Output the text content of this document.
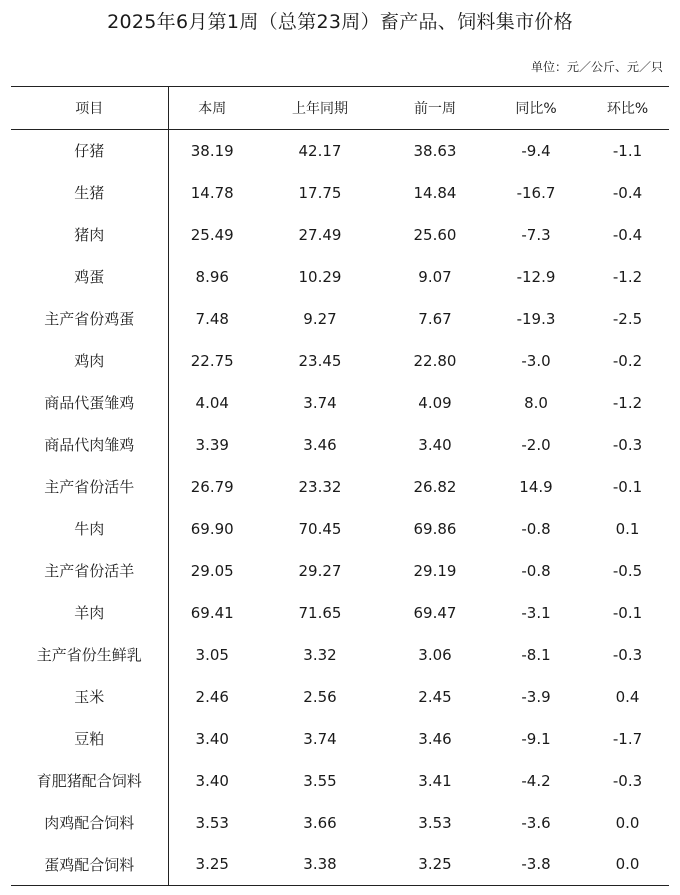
2025年6月第1周（总第23周）畜产品、饲料集市价格
单位：元／公斤、元／只
项目	本周	上年同期	前一周	同比%	环比%
仔猪	38.19	42.17	38.63	-9.4	-1.1
生猪	14.78	17.75	14.84	-16.7	-0.4
猪肉	25.49	27.49	25.60	-7.3	-0.4
鸡蛋	8.96	10.29	9.07	-12.9	-1.2
主产省份鸡蛋	7.48	9.27	7.67	-19.3	-2.5
鸡肉	22.75	23.45	22.80	-3.0	-0.2
商品代蛋雏鸡	4.04	3.74	4.09	8.0	-1.2
商品代肉雏鸡	3.39	3.46	3.40	-2.0	-0.3
主产省份活牛	26.79	23.32	26.82	14.9	-0.1
牛肉	69.90	70.45	69.86	-0.8	0.1
主产省份活羊	29.05	29.27	29.19	-0.8	-0.5
羊肉	69.41	71.65	69.47	-3.1	-0.1
主产省份生鲜乳	3.05	3.32	3.06	-8.1	-0.3
玉米	2.46	2.56	2.45	-3.9	0.4
豆粕	3.40	3.74	3.46	-9.1	-1.7
育肥猪配合饲料	3.40	3.55	3.41	-4.2	-0.3
肉鸡配合饲料	3.53	3.66	3.53	-3.6	0.0
蛋鸡配合饲料	3.25	3.38	3.25	-3.8	0.0
